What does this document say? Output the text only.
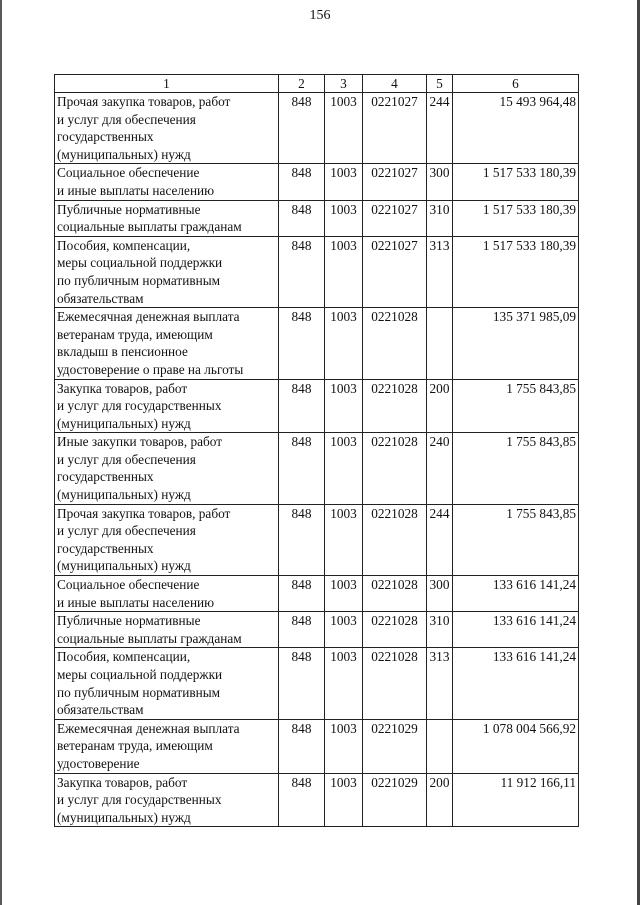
156
1	2	3	4	5	6

Прочая закупка товаров, работ
и услуг для обеспечения
государственных
(муниципальных) нужд	848	1003	0221027	244	15 493 964,48

Социальное обеспечение
и иные выплаты населению	848	1003	0221027	300	1 517 533 180,39

Публичные нормативные
социальные выплаты гражданам	848	1003	0221027	310	1 517 533 180,39

Пособия, компенсации,
меры социальной поддержки
по публичным нормативным
обязательствам	848	1003	0221027	313	1 517 533 180,39

Ежемесячная денежная выплата
ветеранам труда, имеющим
вкладыш в пенсионное
удостоверение о праве на льготы	848	1003	0221028		135 371 985,09

Закупка товаров, работ
и услуг для государственных
(муниципальных) нужд	848	1003	0221028	200	1 755 843,85

Иные закупки товаров, работ
и услуг для обеспечения
государственных
(муниципальных) нужд	848	1003	0221028	240	1 755 843,85

Прочая закупка товаров, работ
и услуг для обеспечения
государственных
(муниципальных) нужд	848	1003	0221028	244	1 755 843,85

Социальное обеспечение
и иные выплаты населению	848	1003	0221028	300	133 616 141,24

Публичные нормативные
социальные выплаты гражданам	848	1003	0221028	310	133 616 141,24

Пособия, компенсации,
меры социальной поддержки
по публичным нормативным
обязательствам	848	1003	0221028	313	133 616 141,24

Ежемесячная денежная выплата
ветеранам труда, имеющим
удостоверение	848	1003	0221029		1 078 004 566,92

Закупка товаров, работ
и услуг для государственных
(муниципальных) нужд	848	1003	0221029	200	11 912 166,11
